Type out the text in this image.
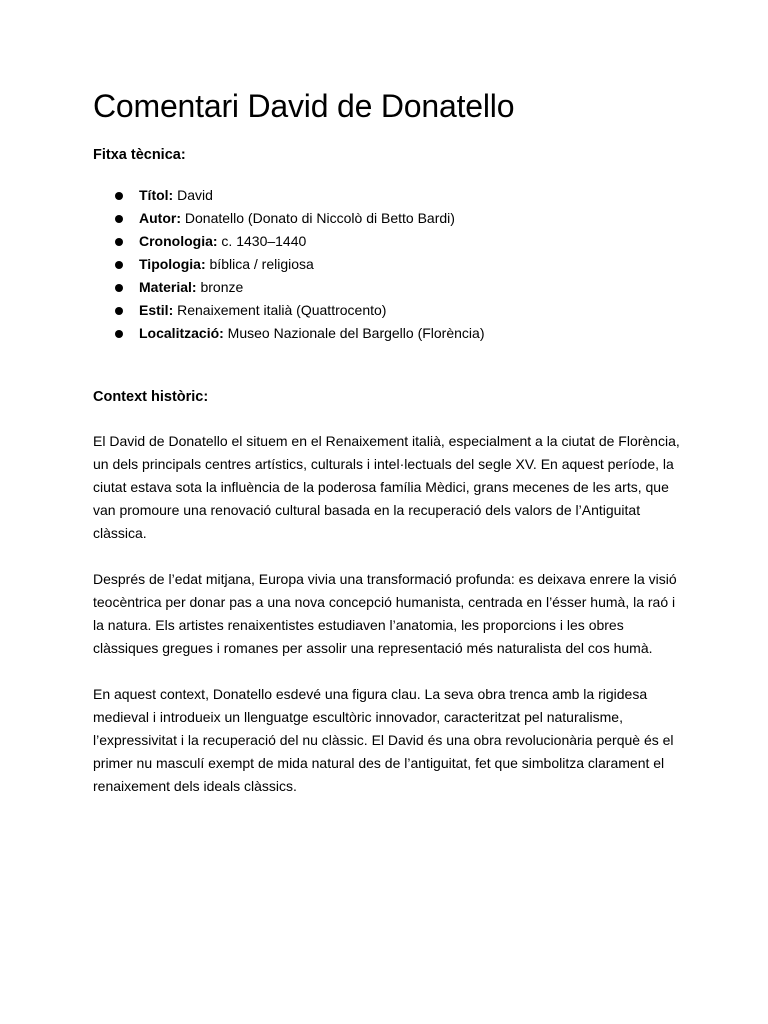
Comentari David de Donatello
Fitxa tècnica:
Títol: David
Autor: Donatello (Donato di Niccolò di Betto Bardi)
Cronologia: c. 1430–1440
Tipologia: bíblica / religiosa
Material: bronze
Estil: Renaixement italià (Quattrocento)
Localització: Museo Nazionale del Bargello (Florència)
Context històric:

El David de Donatello el situem en el Renaixement italià, especialment a la ciutat de Florència, un dels principals centres artístics, culturals i intel·lectuals del segle XV. En aquest període, la ciutat estava sota la influència de la poderosa família Mèdici, grans mecenes de les arts, que van promoure una renovació cultural basada en la recuperació dels valors de l’Antiguitat clàssica.

Després de l’edat mitjana, Europa vivia una transformació profunda: es deixava enrere la visió teocèntrica per donar pas a una nova concepció humanista, centrada en l’ésser humà, la raó i la natura. Els artistes renaixentistes estudiaven l’anatomia, les proporcions i les obres clàssiques gregues i romanes per assolir una representació més naturalista del cos humà.

En aquest context, Donatello esdevé una figura clau. La seva obra trenca amb la rigidesa medieval i introdueix un llenguatge escultòric innovador, caracteritzat pel naturalisme, l’expressivitat i la recuperació del nu clàssic. El David és una obra revolucionària perquè és el primer nu masculí exempt de mida natural des de l’antiguitat, fet que simbolitza clarament el renaixement dels ideals clàssics.
